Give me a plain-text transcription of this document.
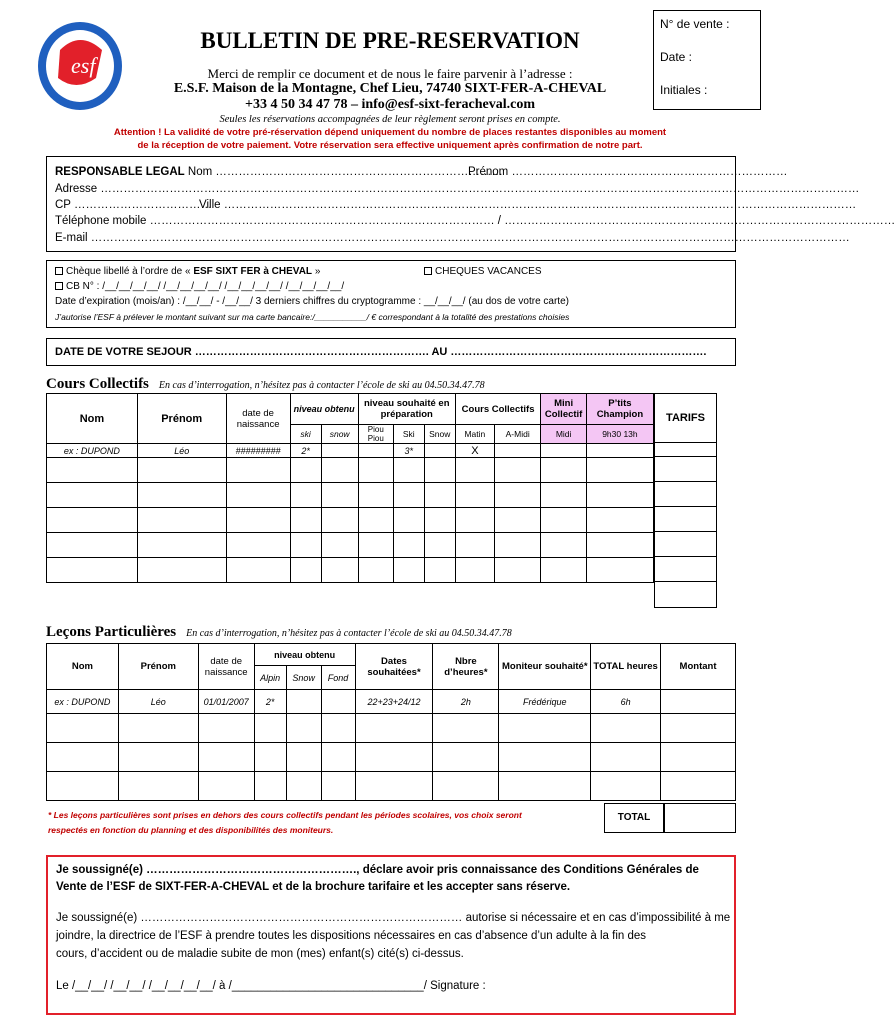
esf
N° de vente :
Date :
Initiales :
BULLETIN DE PRE-RESERVATION
Merci de remplir ce document et de nous le faire parvenir à l’adresse :
E.S.F. Maison de la Montagne, Chef Lieu, 74740 SIXT-FER-A-CHEVAL
+33 4 50 34 47 78 – info@esf-sixt-feracheval.com
Seules les réservations accompagnées de leur règlement seront prises en compte.
Attention ! La validité de votre pré-réservation dépend uniquement du nombre de places restantes disponibles au moment
de la réception de votre paiement. Votre réservation sera effective uniquement après confirmation de notre part.
RESPONSABLE LEGAL Nom …………………………………………………………………
Prénom ………………………………………………………………
Adresse ………………………………………………………………………………………………………………………………………………………………………………
CP ………………………………
Ville …………………………………………………………………………………………………………………………………………………
Téléphone mobile ……………………………………………………………………………… / …………………………………………………………………………………………
E-mail ………………………………………………………………………………………………………………………………………………………………………………
Chèque libellé à l’ordre de « ESF SIXT FER à CHEVAL »	CHEQUES VACANCES
CB N° : /__/__/__/__/ /__/__/__/__/ /__/__/__/__/ /__/__/__/__/
Date d’expiration (mois/an) : /__/__/ - /__/__/ 3 derniers chiffres du cryptogramme : __/__/__/ (au dos de votre carte)
J’autorise l’ESF à prélever le montant suivant sur ma carte bancaire:/___________/ € correspondant à la totalité des prestations choisies
DATE DE VOTRE SEJOUR ………………………………………………………. AU …………………………………………………………….
Cours Collectifs En cas d’interrogation, n’hésitez pas à contacter l’école de ski au 04.50.34.47.78
Nom	Prénom	date de naissance	niveau obtenu		niveau souhaité en préparation			Cours Collectifs		Mini Collectif	P’tits Champion
			ski	snow	Piou Piou	Ski	Snow	Matin	A-Midi	Midi	9h30 13h
ex : DUPOND	Léo	#########	2*			3*		X			

TARIFS

Leçons Particulières En cas d’interrogation, n’hésitez pas à contacter l’école de ski au 04.50.34.47.78
Nom	Prénom	date de naissance	niveau obtenu			Dates souhaitées*	Nbre d’heures*	Moniteur souhaité*	TOTAL heures	Montant
			Alpin	Snow	Fond					
ex : DUPOND	Léo	01/01/2007	2*			22+23+24/12	2h	Frédérique	6h	

* Les leçons particulières sont prises en dehors des cours collectifs pendant les périodes scolaires, vos choix seront
respectés en fonction du planning et des disponibilités des moniteurs.
TOTAL
Je soussigné(e) ………………………………………………., déclare avoir pris connaissance des Conditions Générales de
Vente de l’ESF de SIXT-FER-A-CHEVAL et de la brochure tarifaire et les accepter sans réserve.
Je soussigné(e) ………………………………………………………………………… autorise si nécessaire et en cas d’impossibilité à me
joindre, la directrice de l’ESF à prendre toutes les dispositions nécessaires en cas d’absence d’un adulte à la fin des
cours, d’accident ou de maladie subite de mon (mes) enfant(s) cité(s) ci-dessus.
Le /__/__/ /__/__/ /__/__/__/__/ à /______________________________/ Signature :
